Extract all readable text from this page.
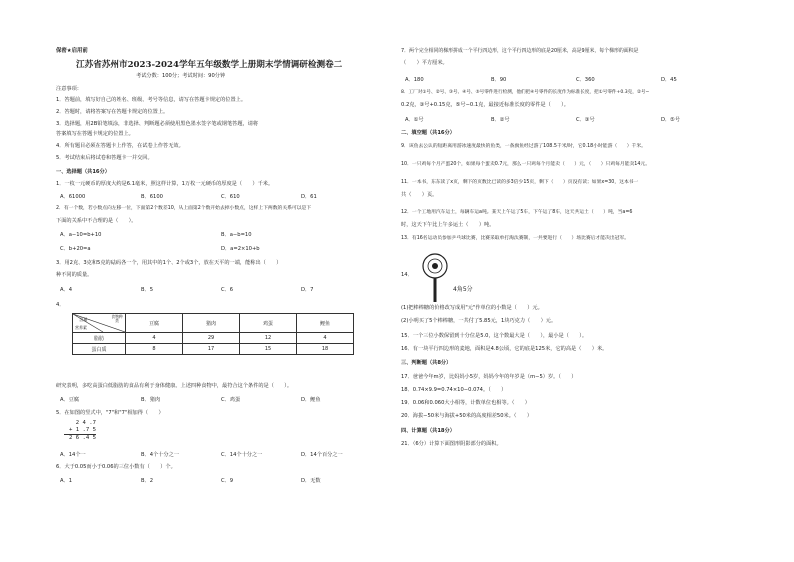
保密★启用前
江苏省苏州市2023-2024学年五年级数学上册期末学情调研检测卷二
考试分数：100分；考试时间：90分钟
注意事项：
1．答题前，填写好自己的姓名、班级、考号等信息，请写在答题卡规定的位置上。
2．答题时，请将答案写在答题卡规定的位置上。
3．选择题，用2B铅笔填涂，非选择、判断题必须使用黑色墨水签字笔或钢笔答题，请将
答案填写在答题卡规定的位置上。
4．所有题目必须在答题卡上作答，在试卷上作答无效。
5．考试结束后将试卷和答题卡一并交回。
一、选择题（共16分）
1．一枚一元硬币的厚度大约是6.1毫米，照这样计算，1万枚一元硬币的厚度是（　　）千米。
A．61000	B．6100	C．610	D．61
2．有一个数，若小数点向左移一位，下面第2个数差10，从上面第2个数开始去掉小数点，这样上下两数的关系可以是下
下面的关系中不合理的是（　　）。
A．a−10=b+10	B．a−b=10
C．b+20=a	D．a=2×10+b
3．用2克、3克和5克的砝码各一个，用其中的1个、2个或3个，放在天平的一端，能称出（　　）
种不同的质量。
A．4	B．5	C．6	D．7
4．
含量
食物种类
营养素	豆腐	猪肉	鸡蛋	鲤鱼
脂肪	4	29	12	4
蛋白质	8	17	15	18
研究表明，多吃高蛋白低脂肪的食品有利于身体健康。上述四种食物中，最符合这个条件的是（　　）。
A．豆腐	B．猪肉	C．鸡蛋	D．鲤鱼
5．在如图的竖式中，"7"和"7"相加得（　　）
2 4 .7
+ 1 .7 5
2 6 .4 5
A．14个一	B．4个十分之一	C．14个十分之一	D．14个百分之一
6．大于0.05而小于0.06的三位小数有（　　）个。
A．1	B．2	C．9	D．无数
7．两个完全相同的梯形拼成一个平行四边形，这个平行四边形的底是20厘米，高是9厘米，每个梯形的面积是
（　　）平方厘米。
A．180	B．90	C．360	D．45
8．工厂对①号、②号、③号、④号、⑤号零件进行检测，他们把④号零件的长度作为标准长度，把①号零件+0.3克，②号−
0.2克，③号+0.15克，⑤号−0.1克，最接近标准长度的零件是（　　）。
A．①号	B．②号	C．③号	D．⑤号
二、填空题（共16分）
9．该鱼去公认的短距离用游冰速度最快的鱼类，一条旗鱼经过游了108.5千米/时，它0.18小时能游（　　）千米。
10．一只鸡每个月产蛋20个，如果每个蛋卖0.7元，那么一只鸡每个月能卖（　　）元，（　　）只鸡每月能卖14元。
11．一本书，东东读了x页，剩下的页数比已读的多3倍少15页，剩下（　　）页没有读；如果x=30，这本书一
共（　　）页。
12．一个工地用汽车运土，每辆车运a吨。某天上午运了5车，下午运了8车，这天共运土（　　）吨，当a=6
时，这天下午比上午多运土（　　）吨。
13．有16名运动员参加乒乓球比赛，比赛采取单打淘汰赛制，一共要进行（　　）场比赛后才能决出冠军。
14．
4角5分
(1)把棒棒糖的价格改写成用"元"作单位的小数是（　　）元。
(2)小明买了5个棒棒糖，一共付了5.85元，1块巧克力（　　）元。
15．一个三位小数保留到十分位是5.0，这个数最大是（　　），最小是（　　）。
16．有一块平行四边形的麦地，面积是4.8公顷，它的底是125米，它的高是（　　）米。
三、判断题（共8分）
17．爸爸今年m岁，比妈妈小5岁，妈妈今年的年岁是（m−5）岁。（　　）
18．0.74×9.9=0.74×10−0.074。（　　）
19．0.06和0.060大小相等，计数单位也相等。（　　）
20．海拔−50米与海拔+50米的高度相差50米。（　　）
四、计算题（共18分）
21．（6分）计算下面图形阴影部分的面积。
